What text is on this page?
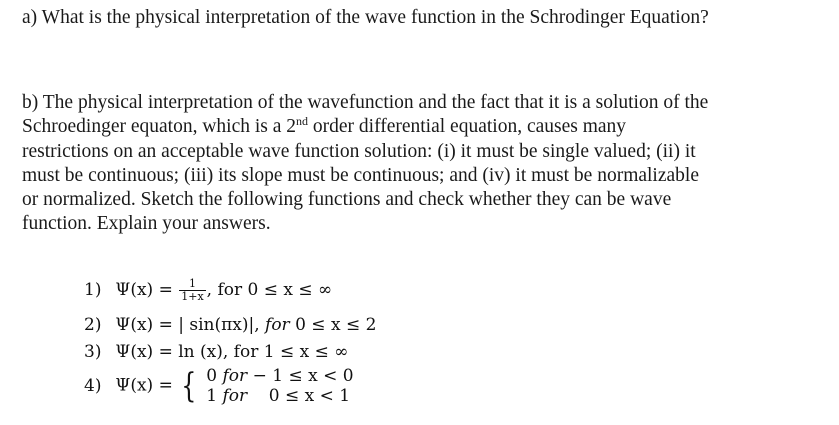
a) What is the physical interpretation of the wave function in the Schrodinger Equation?
b) The physical interpretation of the wavefunction and the fact that it is a solution of the
Schroedinger equaton, which is a 2nd order differential equation, causes many
restrictions on an acceptable wave function solution: (i) it must be single valued; (ii) it
must be continuous; (iii) its slope must be continuous; and (iv) it must be normalizable
or normalized. Sketch the following functions and check whether they can be wave
function. Explain your answers.
1) $\Psi(x) = \frac{1}{1+x}$ , for 0 ≤ x ≤ ∞
2) Ψ(x) = | sin(πx)|, for 0 ≤ x ≤ 2
3) Ψ(x) = ln (x), for 1 ≤ x ≤ ∞
4) Ψ(x) = { 0 for − 1 ≤ x < 0
1 for    0 ≤ x < 1
